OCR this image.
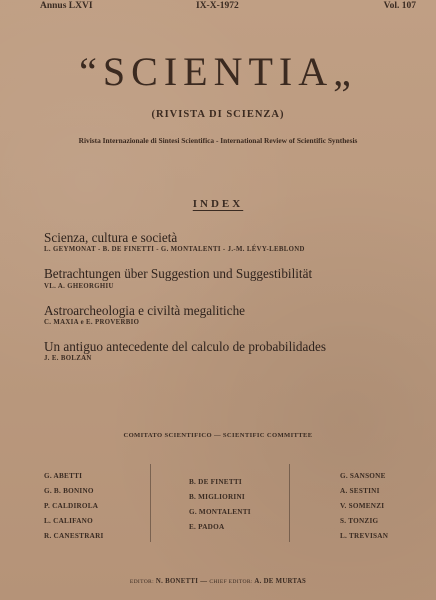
Annus LXVI	IX-X-1972	Vol. 107
“SCIENTIA„
(RIVISTA DI SCIENZA)
Rivista Internazionale di Sintesi Scientifica - International Review of Scientific Synthesis
INDEX
Scienza, cultura e società
L. GEYMONAT - B. DE FINETTI - G. MONTALENTI - J.-M. LÉVY-LEBLOND
Betrachtungen über Suggestion und Suggestibilität
VL. A. GHEORGHIU
Astroarcheologia e civiltà megalitiche
C. MAXIA e E. PROVERBIO
Un antiguo antecedente del calculo de probabilidades
J. E. BOLZAN
COMITATO SCIENTIFICO — SCIENTIFIC COMMITTEE
G. ABETTI
G. B. BONINO
P. CALDIROLA
L. CALIFANO
R. CANESTRARI
B. DE FINETTI
B. MIGLIORINI
G. MONTALENTI
E. PADOA
G. SANSONE
A. SESTINI
V. SOMENZI
S. TONZIG
L. TREVISAN
EDITOR: N. BONETTI — CHIEF EDITOR: A. DE MURTAS
